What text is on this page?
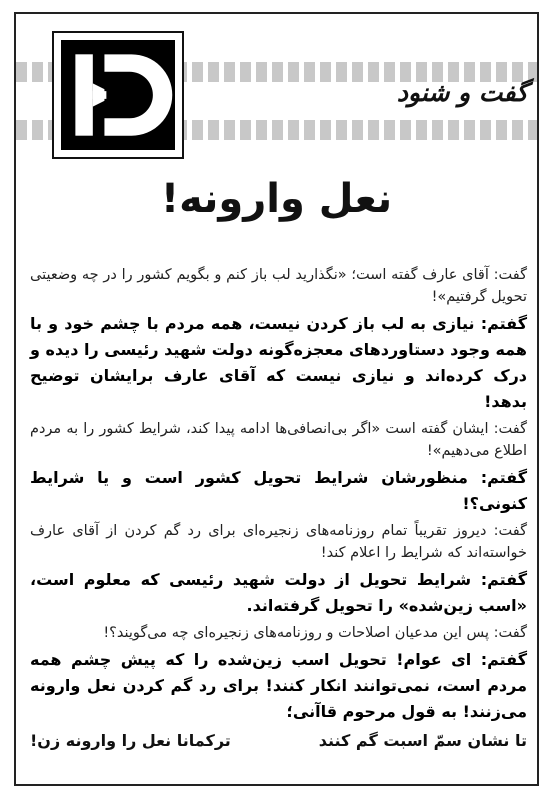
گفت و شنود
نعل وارونه!

گفت: آقای عارف گفته است؛ «نگذارید لب باز کنم و بگویم کشور را در چه وضعیتی تحویل گرفتیم»!

گفتم: نیازی به لب باز کردن نیست، همه مردم با چشم خود و با همه وجود دستاوردهای معجزه‌گونه دولت شهید رئیسی را دیده و درک کرده‌اند و نیازی نیست که آقای عارف برایشان توضیح بدهد!

گفت: ایشان گفته است «اگر بی‌انصافی‌ها ادامه پیدا کند، شرایط کشور را به مردم اطلاع می‌دهیم»!

گفتم: منظورشان شرایط تحویل کشور است و یا شرایط کنونی؟!

گفت: دیروز تقریباً تمام روزنامه‌های زنجیره‌ای برای رد گم کردن از آقای عارف خواسته‌اند که شرایط را اعلام کند!

گفتم: شرایط تحویل از دولت شهید رئیسی که معلوم است، «اسب زین‌شده» را تحویل گرفته‌اند.

گفت: پس این مدعیان اصلاحات و روزنامه‌های زنجیره‌ای چه می‌گویند؟!

گفتم: ای عوام! تحویل اسب زین‌شده را که پیش چشم همه مردم است، نمی‌توانند انکار کنند! برای رد گم کردن نعل وارونه می‌زنند! به قول مرحوم قاآنی؛

تا نشان سمّ اسبت گم کنند
ترکمانا نعل را وارونه زن!
